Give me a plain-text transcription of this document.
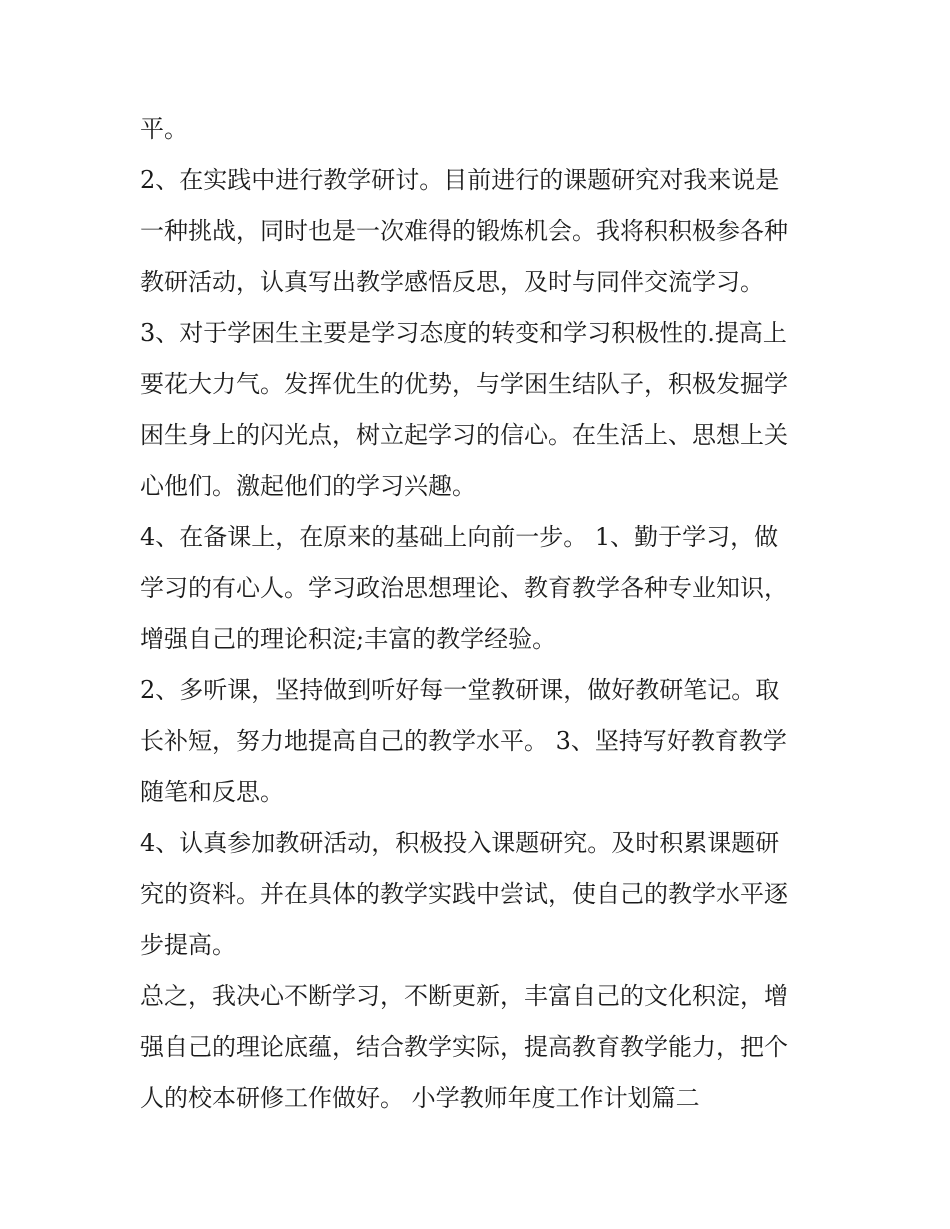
平。

2、在实践中进行教学研讨。目前进行的课题研究对我来说是
一种挑战，同时也是一次难得的锻炼机会。我将积积极参各种
教研活动，认真写出教学感悟反思，及时与同伴交流学习。

3、对于学困生主要是学习态度的转变和学习积极性的.提高上
要花大力气。发挥优生的优势，与学困生结队子，积极发掘学
困生身上的闪光点，树立起学习的信心。在生活上、思想上关
心他们。激起他们的学习兴趣。

4、在备课上，在原来的基础上向前一步。 1、勤于学习，做
学习的有心人。学习政治思想理论、教育教学各种专业知识，
增强自己的理论积淀;丰富的教学经验。

2、多听课，坚持做到听好每一堂教研课，做好教研笔记。取
长补短，努力地提高自己的教学水平。 3、坚持写好教育教学
随笔和反思。

4、认真参加教研活动，积极投入课题研究。及时积累课题研
究的资料。并在具体的教学实践中尝试，使自己的教学水平逐
步提高。

总之，我决心不断学习，不断更新，丰富自己的文化积淀，增
强自己的理论底蕴，结合教学实际，提高教育教学能力，把个
人的校本研修工作做好。 小学教师年度工作计划篇二
